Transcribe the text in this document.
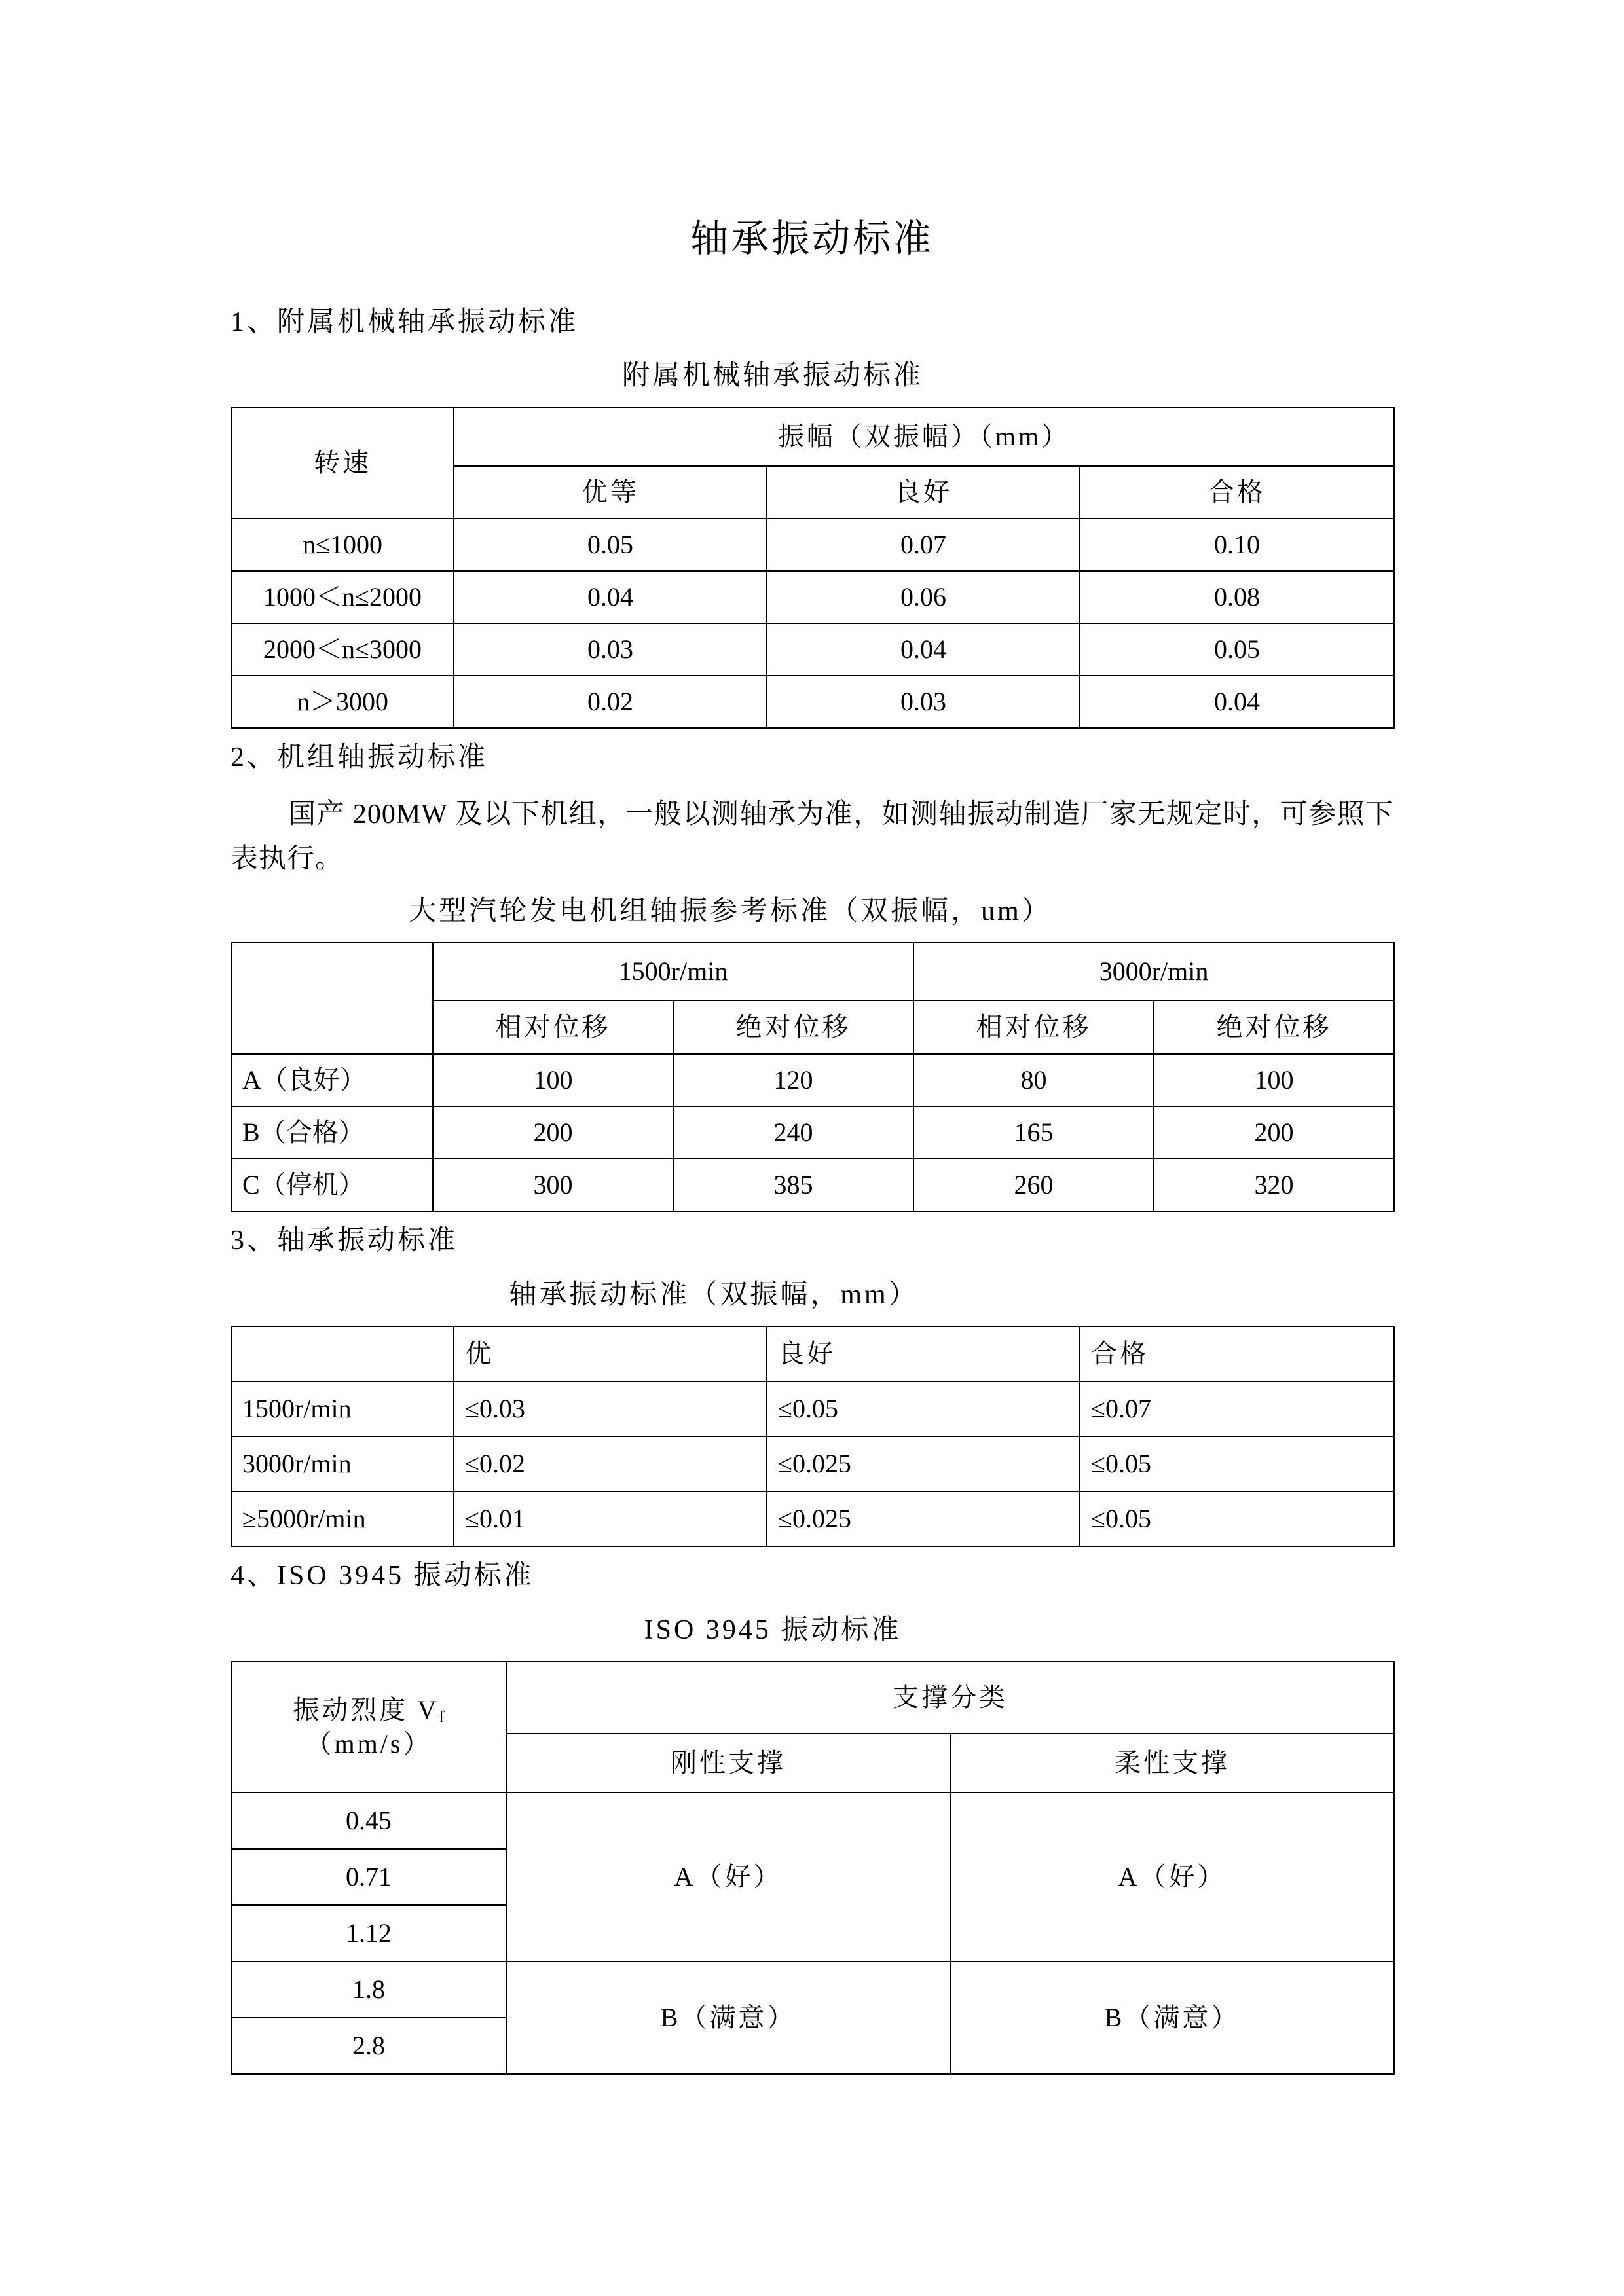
轴承振动标准
1、附属机械轴承振动标准
附属机械轴承振动标准
转速	振幅（双振幅）（mm）		
	优等	良好	合格
n≤1000	0.05	0.07	0.10
1000＜n≤2000	0.04	0.06	0.08
2000＜n≤3000	0.03	0.04	0.05
n＞3000	0.02	0.03	0.04
2、机组轴振动标准

国产 200MW 及以下机组，一般以测轴承为准，如测轴振动制造厂家无规定时，可参照下表执行。

大型汽轮发电机组轴振参考标准（双振幅，um）
	1500r/min		3000r/min	
	相对位移	绝对位移	相对位移	绝对位移
A（良好）	100	120	80	100
B（合格）	200	240	165	200
C（停机）	300	385	260	320
3、轴承振动标准
轴承振动标准（双振幅，mm）
	优	良好	合格
1500r/min	≤0.03	≤0.05	≤0.07
3000r/min	≤0.02	≤0.025	≤0.05
≥5000r/min	≤0.01	≤0.025	≤0.05
4、ISO 3945 振动标准
ISO 3945 振动标准
振动烈度 $V_f(mm/s)$	支撑分类	
	刚性支撑	柔性支撑
0.45	A（好）	A（好）
0.71		
1.12		
1.8	B（满意）	B（满意）
2.8		
